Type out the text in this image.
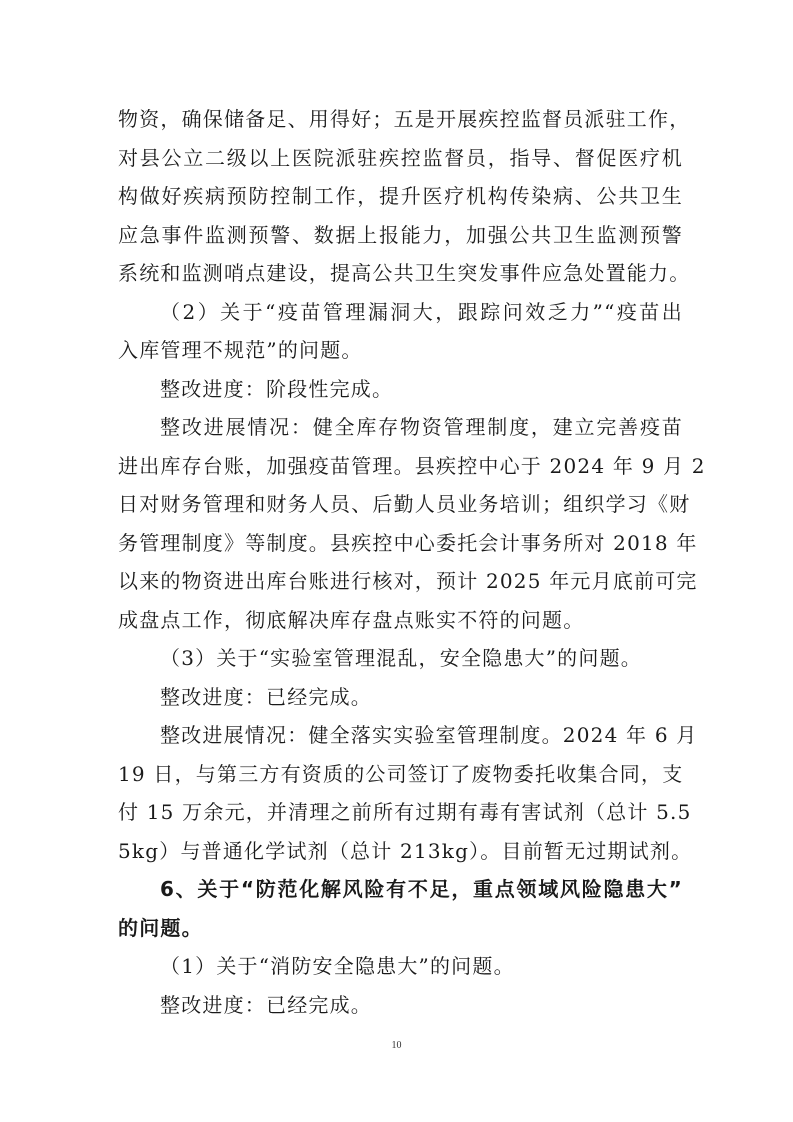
物资，确保储备足、用得好；五是开展疾控监督员派驻工作，
对县公立二级以上医院派驻疾控监督员，指导、督促医疗机
构做好疾病预防控制工作，提升医疗机构传染病、公共卫生
应急事件监测预警、数据上报能力，加强公共卫生监测预警
系统和监测哨点建设，提高公共卫生突发事件应急处置能力。
（2）关于“疫苗管理漏洞大，跟踪问效乏力”“疫苗出
入库管理不规范”的问题。
整改进度：阶段性完成。
整改进展情况：健全库存物资管理制度，建立完善疫苗
进出库存台账，加强疫苗管理。县疾控中心于 2024 年 9 月 2
日对财务管理和财务人员、后勤人员业务培训；组织学习《财
务管理制度》等制度。县疾控中心委托会计事务所对 2018 年
以来的物资进出库台账进行核对，预计 2025 年元月底前可完
成盘点工作，彻底解决库存盘点账实不符的问题。
（3）关于“实验室管理混乱，安全隐患大”的问题。
整改进度：已经完成。
整改进展情况：健全落实实验室管理制度。2024 年 6 月
19 日，与第三方有资质的公司签订了废物委托收集合同，支
付 15 万余元，并清理之前所有过期有毒有害试剂（总计 5.5
5kg）与普通化学试剂（总计 213kg）。目前暂无过期试剂。
6、关于“防范化解风险有不足，重点领域风险隐患大”
的问题。
（1）关于“消防安全隐患大”的问题。
整改进度：已经完成。
10
